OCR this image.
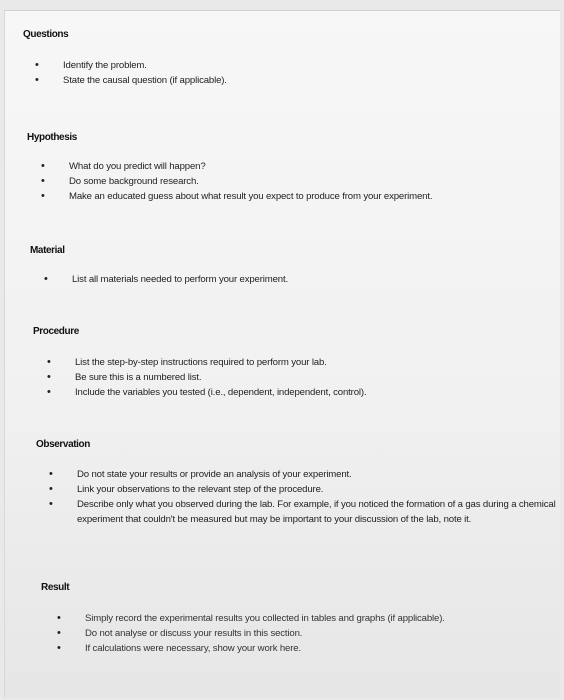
Questions
• Identify the problem.
• State the causal question (if applicable).
Hypothesis
• What do you predict will happen?
• Do some background research.
• Make an educated guess about what result you expect to produce from your experiment.
Material
• List all materials needed to perform your experiment.
Procedure
• List the step-by-step instructions required to perform your lab.
• Be sure this is a numbered list.
• Include the variables you tested (i.e., dependent, independent, control).
Observation
• Do not state your results or provide an analysis of your experiment.
• Link your observations to the relevant step of the procedure.
• Describe only what you observed during the lab. For example, if you noticed the formation of a gas during a chemical experiment that couldn't be measured but may be important to your discussion of the lab, note it.
Result
• Simply record the experimental results you collected in tables and graphs (if applicable).
• Do not analyse or discuss your results in this section.
• If calculations were necessary, show your work here.
